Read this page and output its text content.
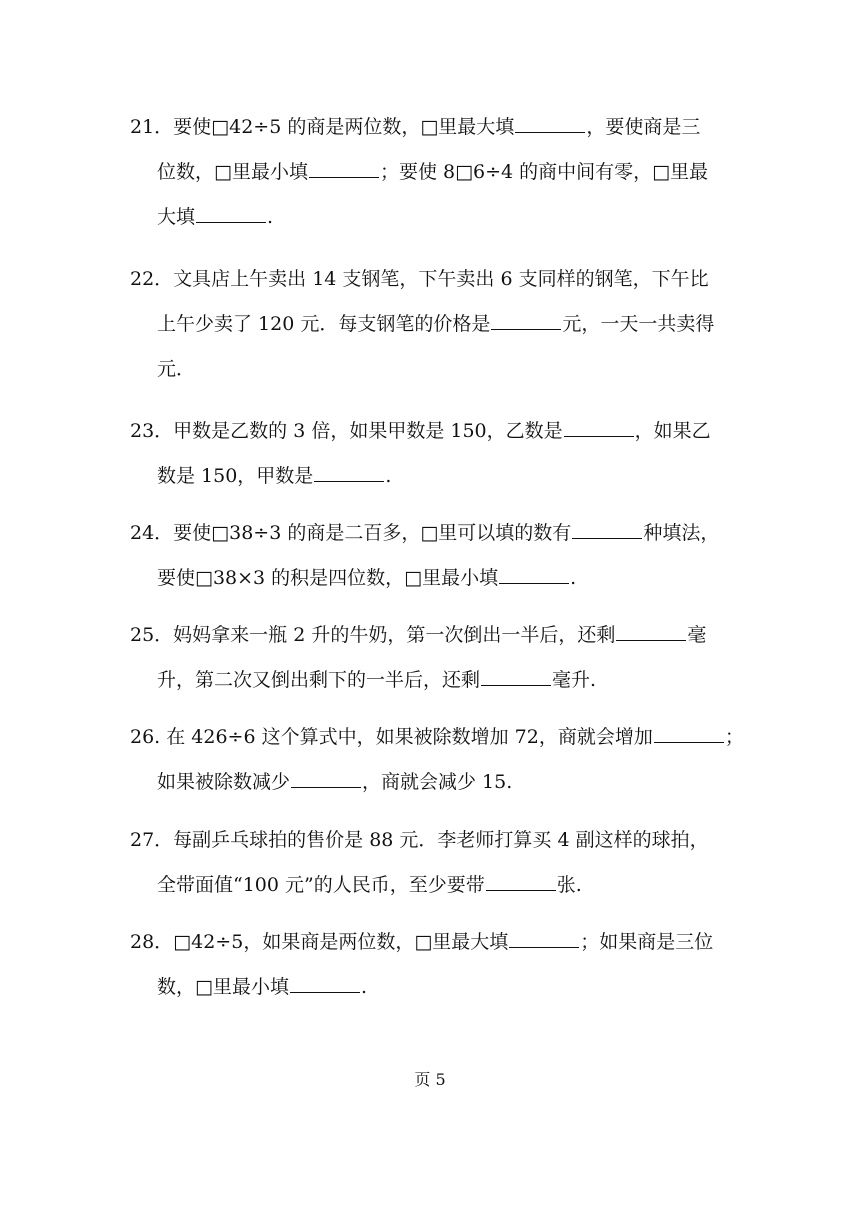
21．要使□42÷5 的商是两位数，□里最大填	，要使商是三
位数，□里最小填	；要使 8□6÷4 的商中间有零，□里最
大填	.
22．文具店上午卖出 14 支钢笔，下午卖出 6 支同样的钢笔，下午比
上午少卖了 120 元．每支钢笔的价格是	元，一天一共卖得
元．
23．甲数是乙数的 3 倍，如果甲数是 150，乙数是	，如果乙
数是 150，甲数是	.
24．要使□38÷3 的商是二百多，□里可以填的数有	种填法，
要使□38×3 的积是四位数，□里最小填	.
25．妈妈拿来一瓶 2 升的牛奶，第一次倒出一半后，还剩	毫
升，第二次又倒出剩下的一半后，还剩	毫升.
26. 在 426÷6 这个算式中，如果被除数增加 72，商就会增加	；
如果被除数减少	，商就会减少 15.
27．每副乒乓球拍的售价是 88 元．李老师打算买 4 副这样的球拍，
全带面值“100 元”的人民币，至少要带	张.
28．□42÷5，如果商是两位数，□里最大填	；如果商是三位
数，□里最小填	.
页 5
